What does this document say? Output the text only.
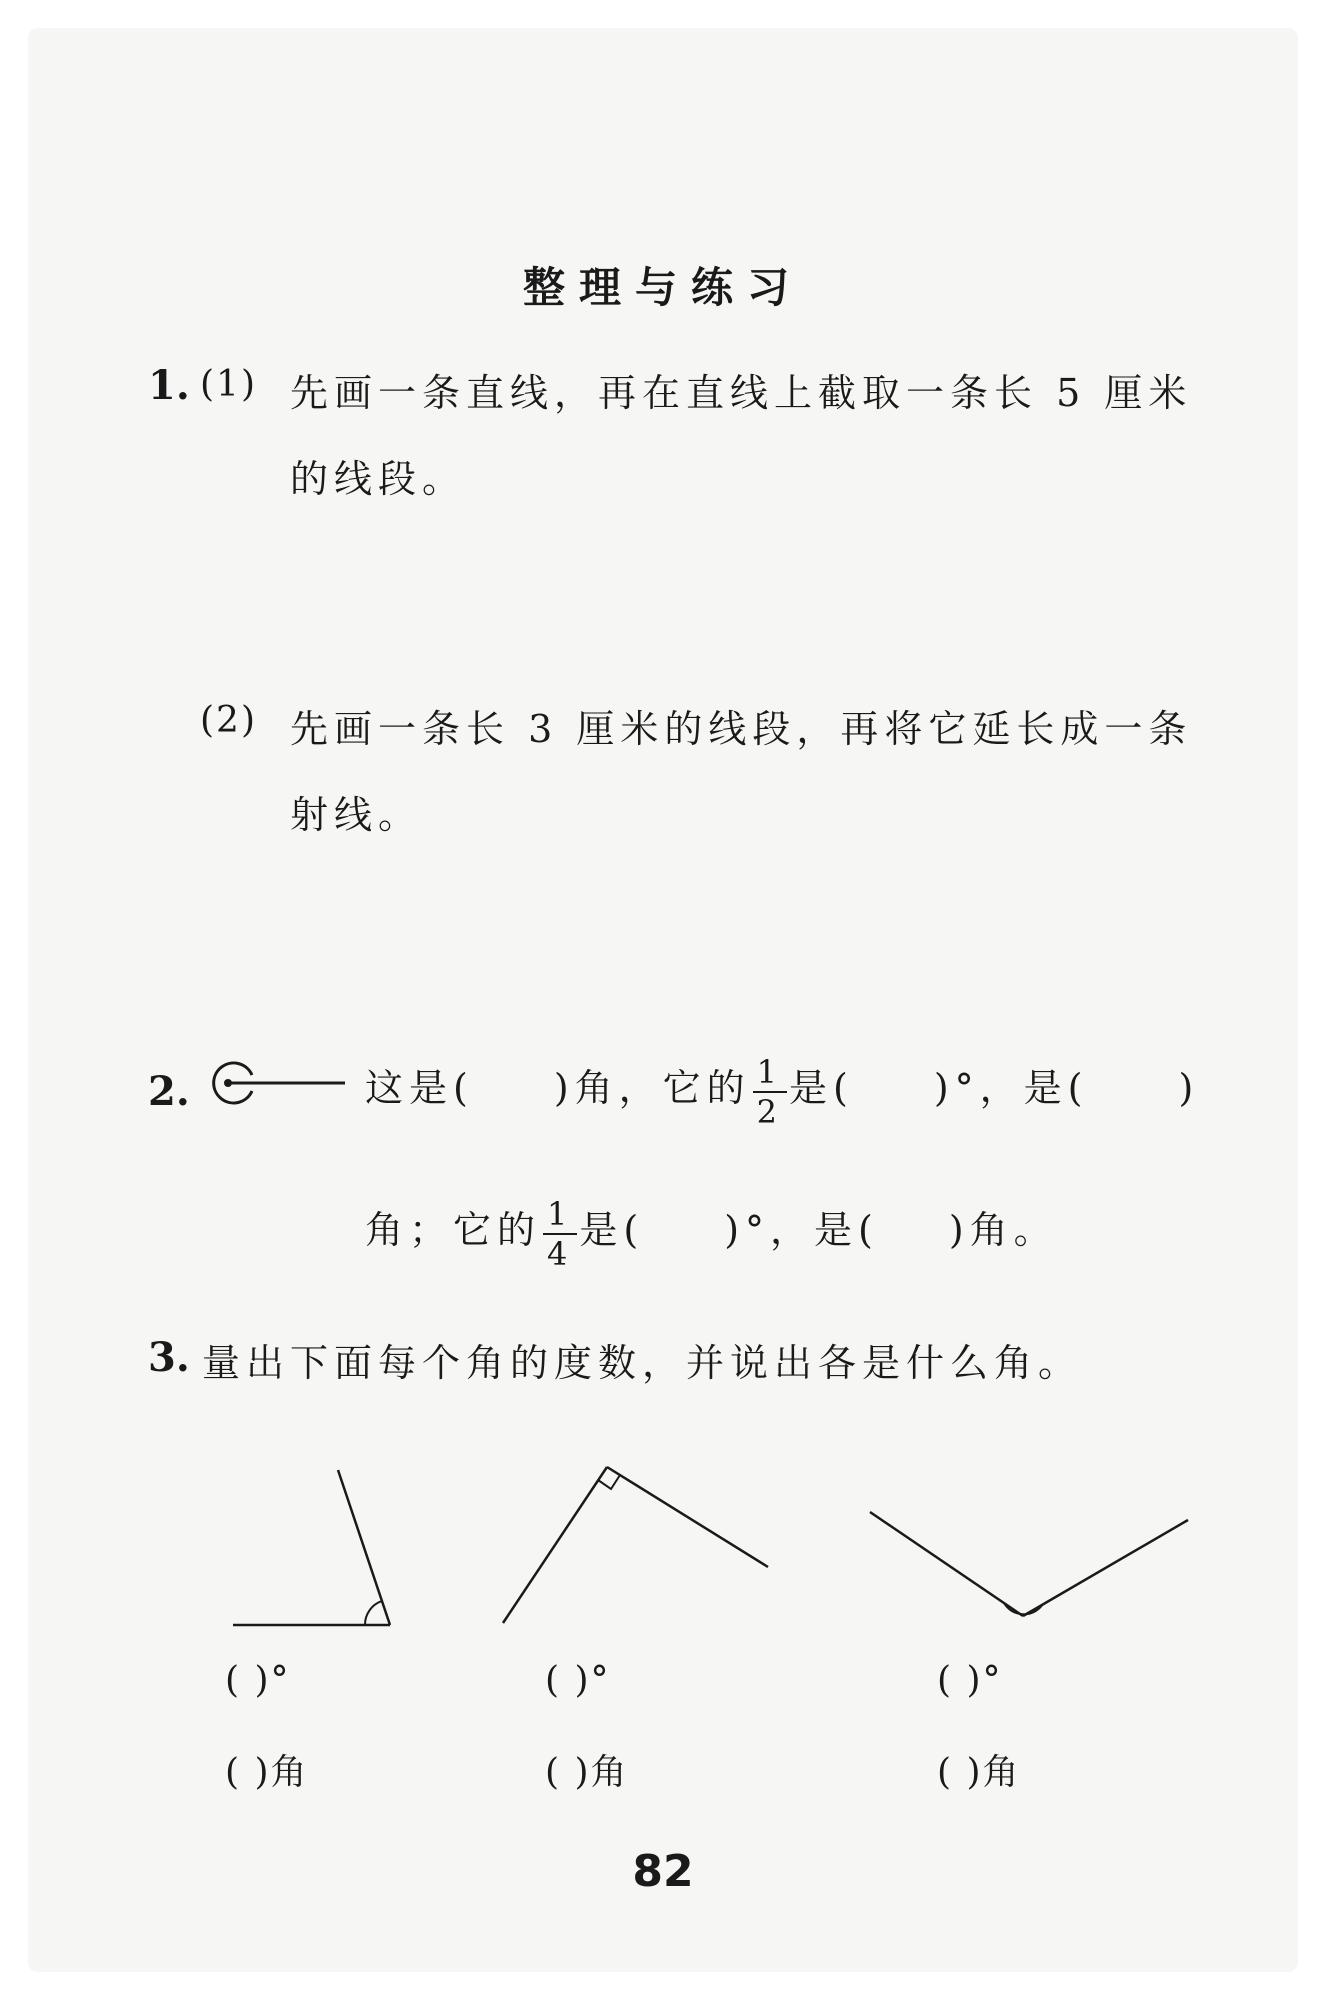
整理与练习
1. (1) 先画一条直线，再在直线上截取一条长 5 厘米
的线段。
(2) 先画一条长 3 厘米的线段，再将它延长成一条
射线。
2.	这是( )角，它的 $\frac{1}{2}$ 是( )°，是( )
角；它的 $\frac{1}{4}$ 是( )°，是( )角。
3. 量出下面每个角的度数，并说出各是什么角。
( )°
( )角
( )°
( )角
( )°
( )角
82
